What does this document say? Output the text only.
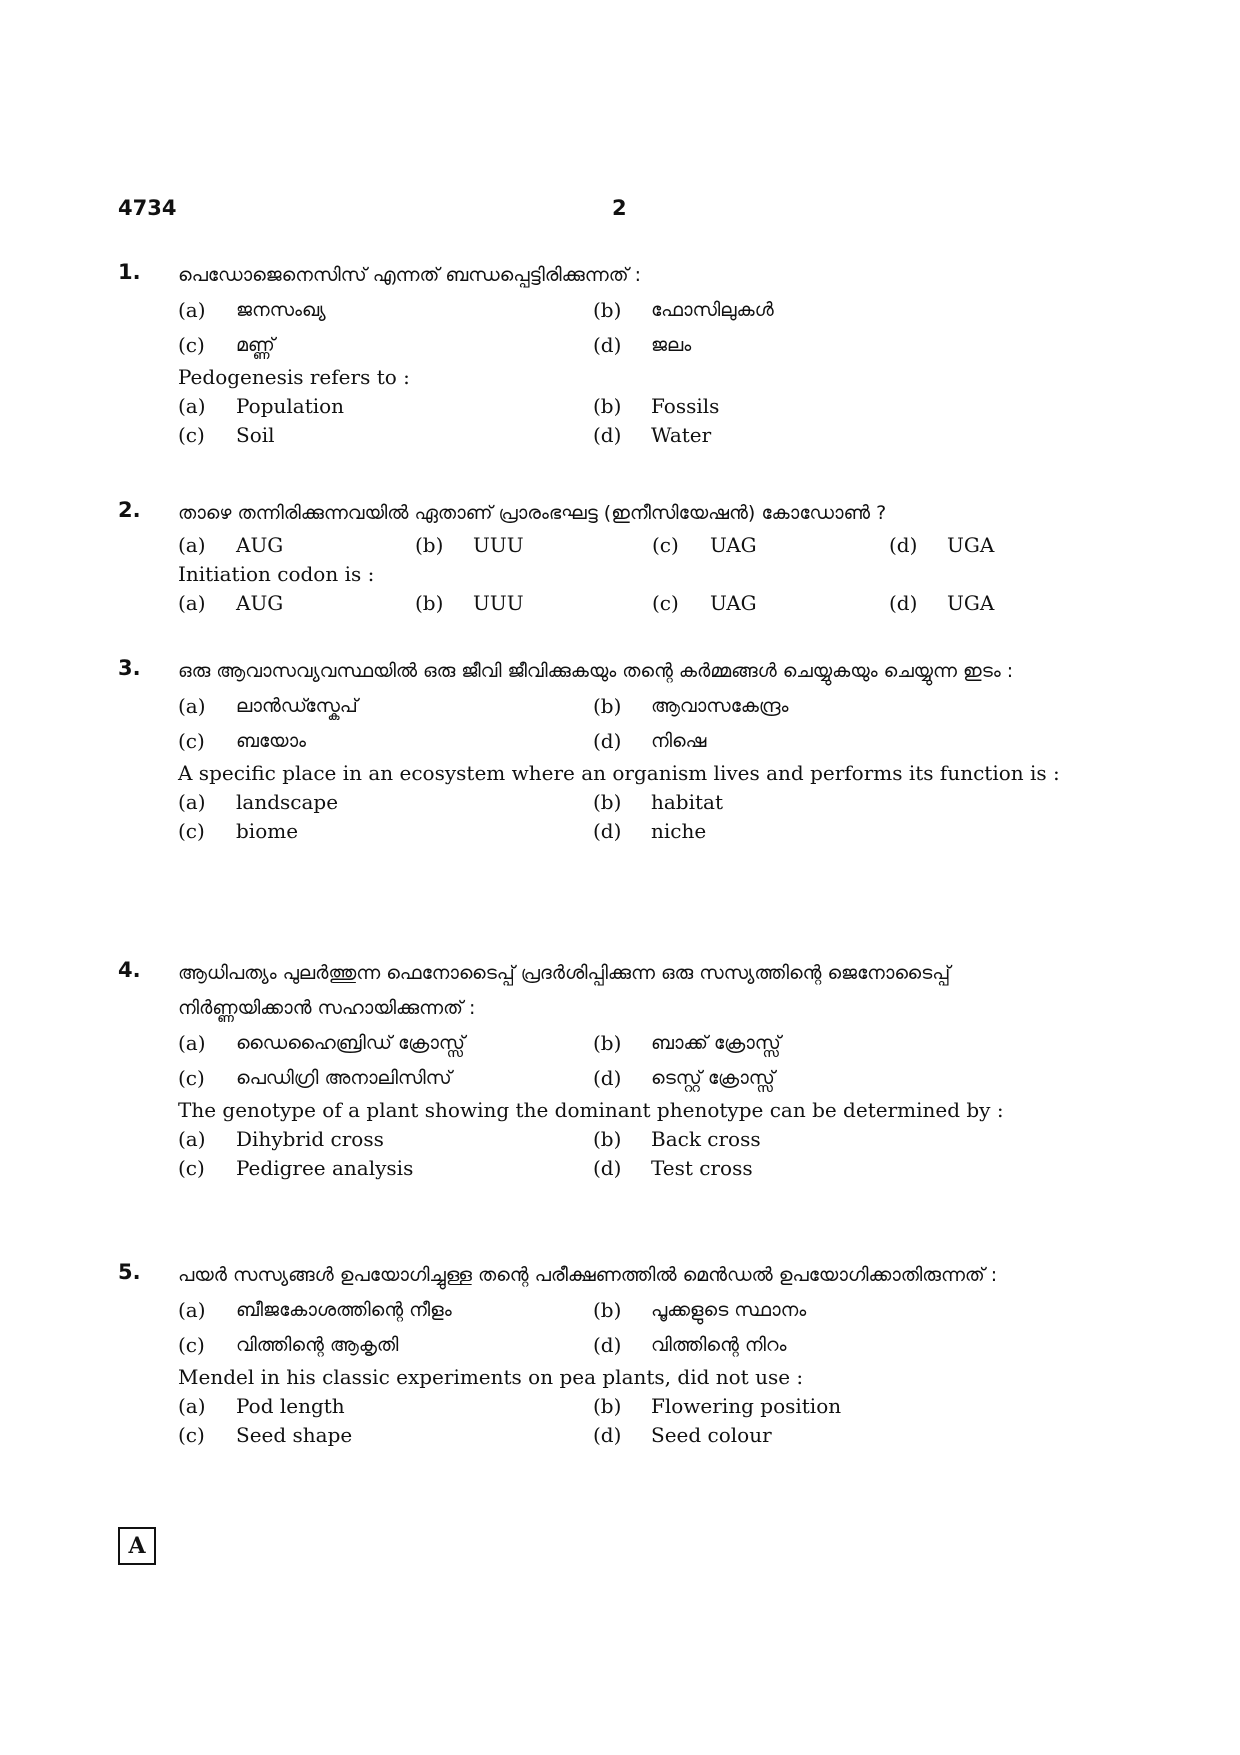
4734	2
1. പെഡോജെനെസിസ് എന്നത് ബന്ധപ്പെട്ടിരിക്കുന്നത് :
(a)	ജനസംഖ്യ	(b)	ഫോസിലുകൾ
(c)	മണ്ണ്	(d)	ജലം
Pedogenesis refers to :
(a)	Population	(b)	Fossils
(c)	Soil	(d)	Water
2. താഴെ തന്നിരിക്കുന്നവയിൽ ഏതാണ് പ്രാരംഭഘട്ട (ഇനീസിയേഷൻ) കോഡോൺ ?
(a)	AUG	(b)	UUU	(c)	UAG	(d)	UGA
Initiation codon is :
(a)	AUG	(b)	UUU	(c)	UAG	(d)	UGA
3. ഒരു ആവാസവ്യവസ്ഥയിൽ ഒരു ജീവി ജീവിക്കുകയും തന്റെ കർമ്മങ്ങൾ ചെയ്യുകയും ചെയ്യുന്ന ഇടം :
(a)	ലാൻഡ്സ്കേപ്	(b)	ആവാസകേന്ദ്രം
(c)	ബയോം	(d)	നിഷെ
A specific place in an ecosystem where an organism lives and performs its function is :
(a)	landscape	(b)	habitat
(c)	biome	(d)	niche
4. ആധിപത്യം പുലർത്തുന്ന ഫെനോടൈപ്പ് പ്രദർശിപ്പിക്കുന്ന ഒരു സസ്യത്തിന്റെ ജെനോടൈപ്പ് നിർണ്ണയിക്കാൻ സഹായിക്കുന്നത് :
(a)	ഡൈഹൈബ്രിഡ് ക്രോസ്സ്	(b)	ബാക്ക് ക്രോസ്സ്
(c)	പെഡിഗ്രി അനാലിസിസ്	(d)	ടെസ്റ്റ് ക്രോസ്സ്
The genotype of a plant showing the dominant phenotype can be determined by :
(a)	Dihybrid cross	(b)	Back cross
(c)	Pedigree analysis	(d)	Test cross
5. പയർ സസ്യങ്ങൾ ഉപയോഗിച്ചുള്ള തന്റെ പരീക്ഷണത്തിൽ മെൻഡൽ ഉപയോഗിക്കാതിരുന്നത് :
(a)	ബീജകോശത്തിന്റെ നീളം	(b)	പൂക്കളുടെ സ്ഥാനം
(c)	വിത്തിന്റെ ആകൃതി	(d)	വിത്തിന്റെ നിറം
Mendel in his classic experiments on pea plants, did not use :
(a)	Pod length	(b)	Flowering position
(c)	Seed shape	(d)	Seed colour
A
